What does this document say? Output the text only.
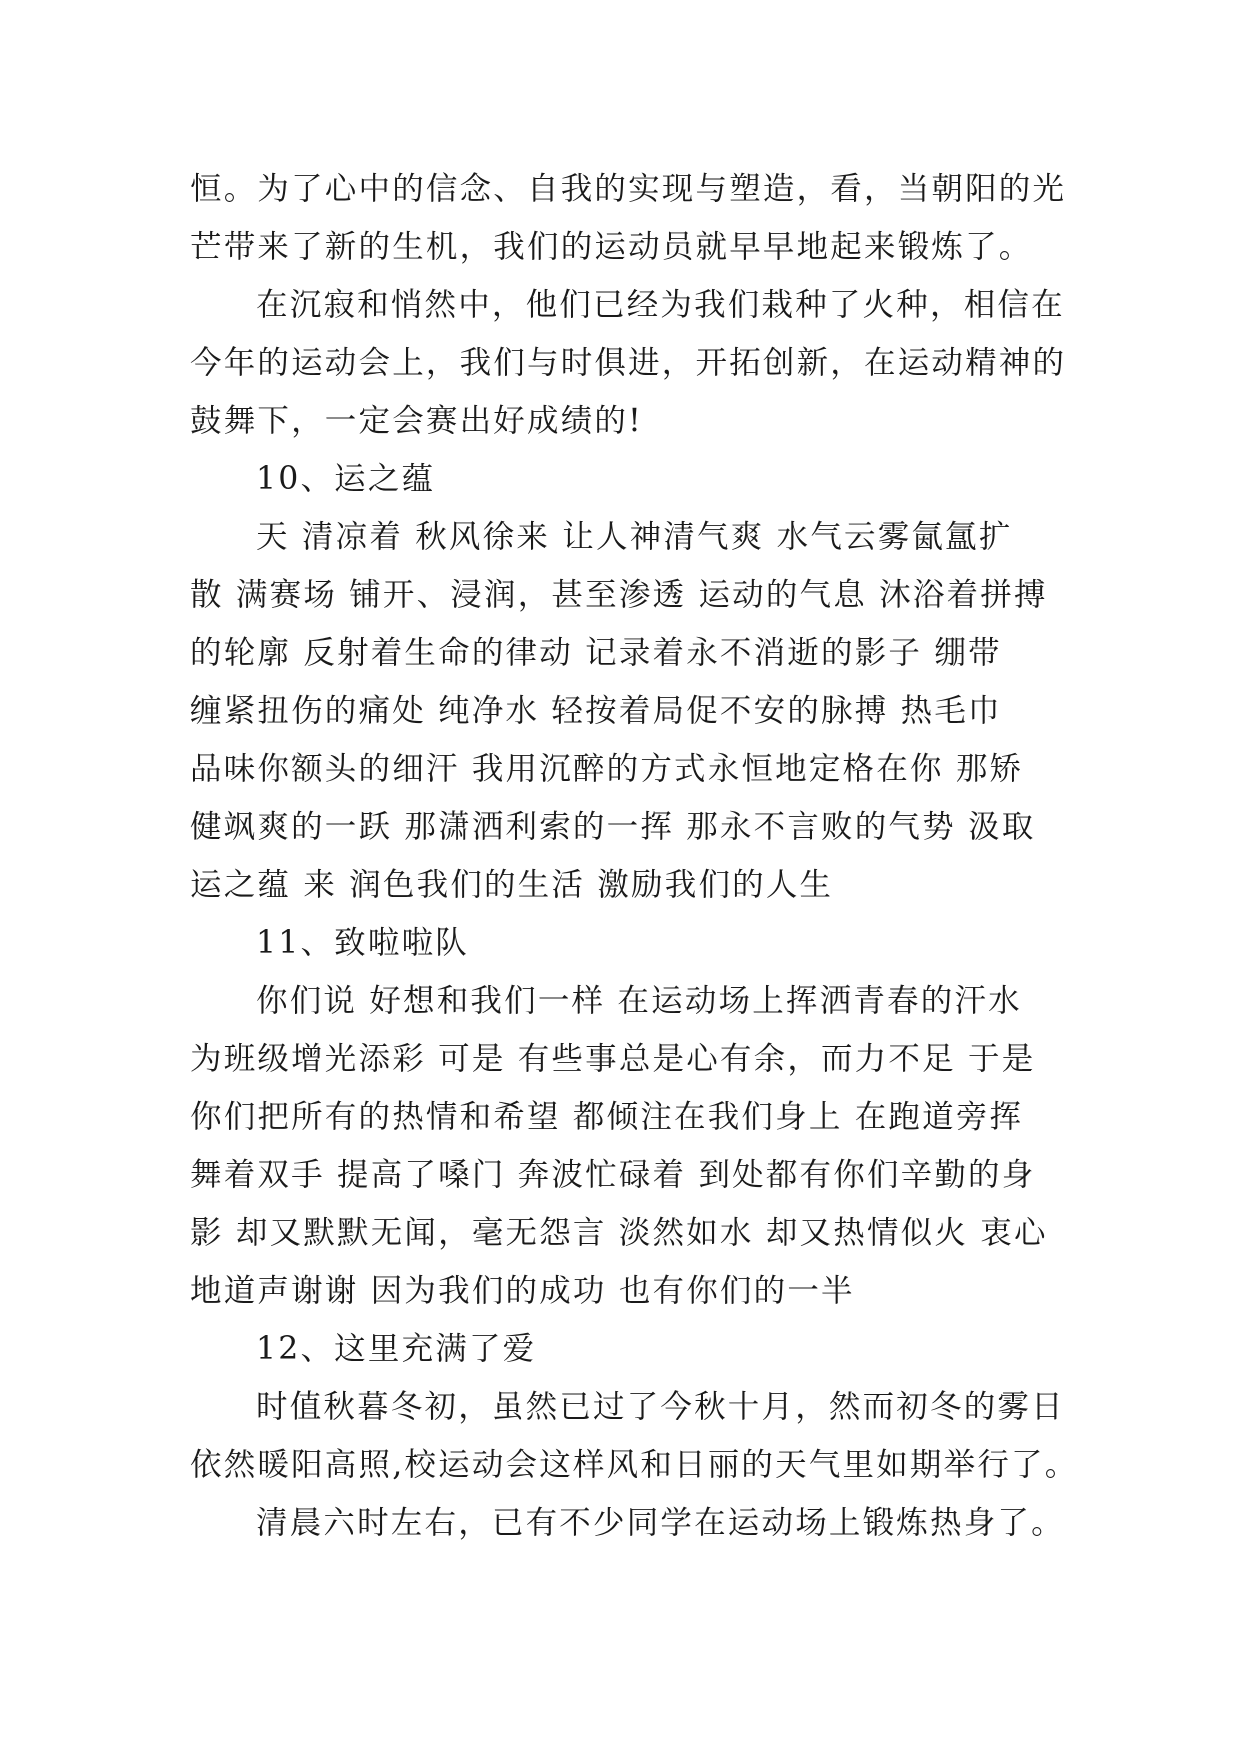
恒。为了心中的信念、自我的实现与塑造，看，当朝阳的光
芒带来了新的生机，我们的运动员就早早地起来锻炼了。
在沉寂和悄然中，他们已经为我们栽种了火种，相信在
今年的运动会上，我们与时俱进，开拓创新，在运动精神的
鼓舞下，一定会赛出好成绩的!
10、运之蕴
天 清凉着 秋风徐来 让人神清气爽 水气云雾氤氲扩
散 满赛场 铺开、浸润，甚至渗透 运动的气息 沐浴着拼搏
的轮廓 反射着生命的律动 记录着永不消逝的影子 绷带
缠紧扭伤的痛处 纯净水 轻按着局促不安的脉搏 热毛巾
品味你额头的细汗 我用沉醉的方式永恒地定格在你 那矫
健飒爽的一跃 那潇洒利索的一挥 那永不言败的气势 汲取
运之蕴 来 润色我们的生活 激励我们的人生
11、致啦啦队
你们说 好想和我们一样 在运动场上挥洒青春的汗水
为班级增光添彩 可是 有些事总是心有余，而力不足 于是
你们把所有的热情和希望 都倾注在我们身上 在跑道旁挥
舞着双手 提高了嗓门 奔波忙碌着 到处都有你们辛勤的身
影 却又默默无闻，毫无怨言 淡然如水 却又热情似火 衷心
地道声谢谢 因为我们的成功 也有你们的一半
12、这里充满了爱
时值秋暮冬初，虽然已过了今秋十月，然而初冬的雾日
依然暖阳高照,校运动会这样风和日丽的天气里如期举行了。
清晨六时左右，已有不少同学在运动场上锻炼热身了。
